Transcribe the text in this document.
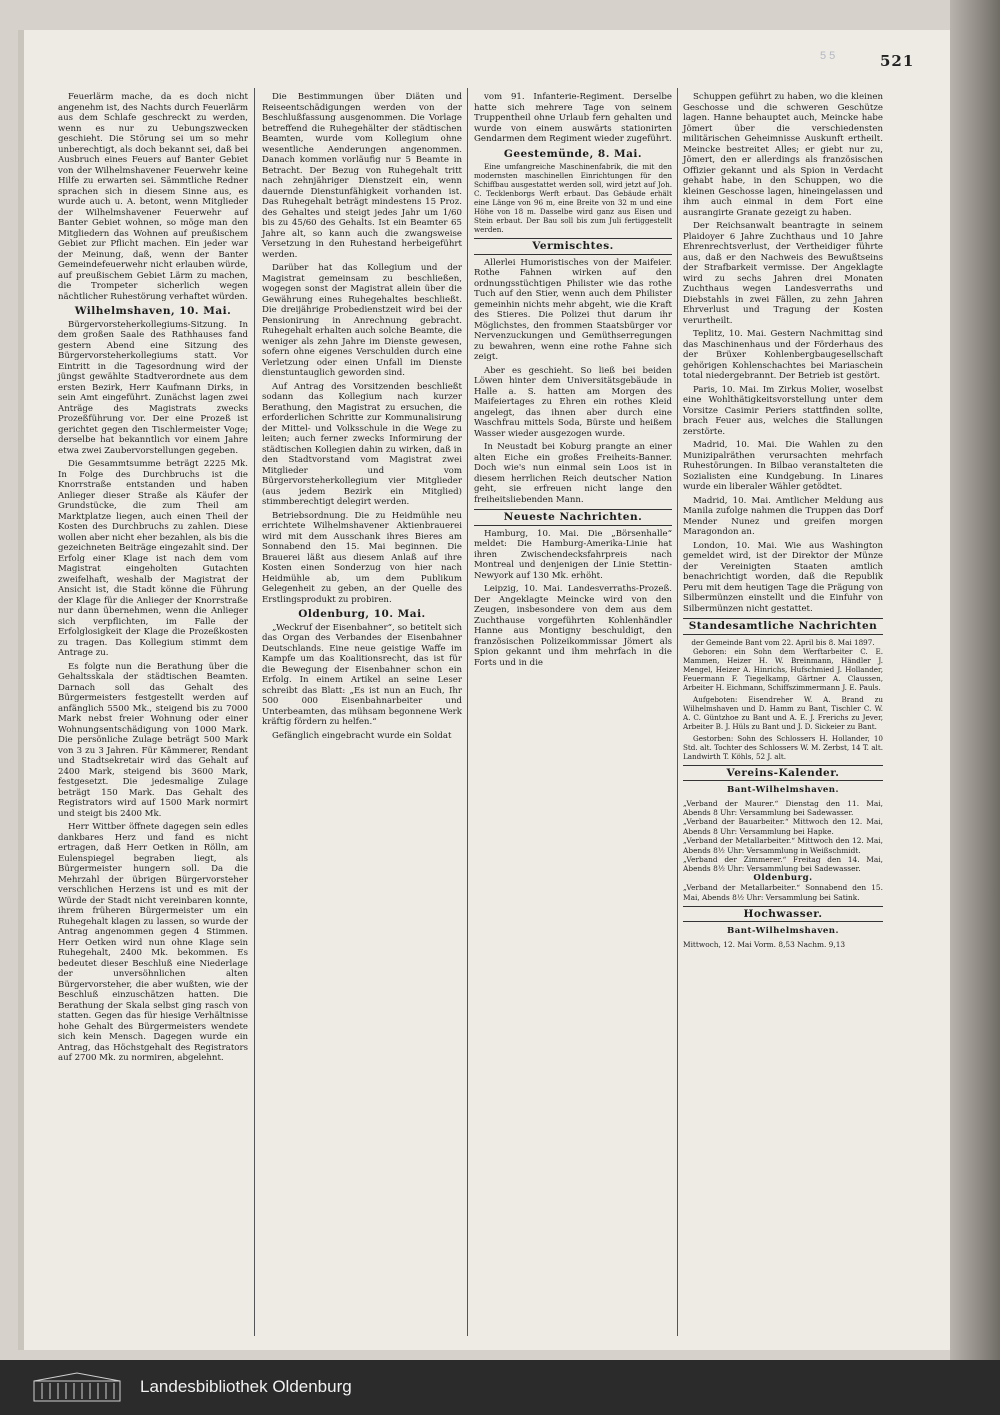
5 5	521

Feuerlärm mache, da es doch nicht angenehm ist, des Nachts durch Feuerlärm aus dem Schlafe geschreckt zu werden, wenn es nur zu Uebungszwecken geschieht. Die Störung sei um so mehr unberechtigt, als doch bekannt sei, daß bei Ausbruch eines Feuers auf Banter Gebiet von der Wilhelmshavener Feuerwehr keine Hilfe zu erwarten sei. Sämmtliche Redner sprachen sich in diesem Sinne aus, es wurde auch u. A. betont, wenn Mitglieder der Wilhelmshavener Feuerwehr auf Banter Gebiet wohnen, so möge man den Mitgliedern das Wohnen auf preußischem Gebiet zur Pflicht machen. Ein jeder war der Meinung, daß, wenn der Banter Gemeindefeuerwehr nicht erlauben würde, auf preußischem Gebiet Lärm zu machen, die Trompeter sicherlich wegen nächtlicher Ruhestörung verhaftet würden.

Wilhelmshaven, 10. Mai.

Bürgervorsteherkollegiums-Sitzung. In dem großen Saale des Rathhauses fand gestern Abend eine Sitzung des Bürgervorsteherkollegiums statt. Vor Eintritt in die Tagesordnung wird der jüngst gewählte Stadtverordnete aus dem ersten Bezirk, Herr Kaufmann Dirks, in sein Amt eingeführt. Zunächst lagen zwei Anträge des Magistrats zwecks Prozeßführung vor. Der eine Prozeß ist gerichtet gegen den Tischlermeister Voge; derselbe hat bekanntlich vor einem Jahre etwa zwei Zaubervorstellungen gegeben.

Die Gesammtsumme beträgt 2225 Mk. In Folge des Durchbruchs ist die Knorrstraße entstanden und haben Anlieger dieser Straße als Käufer der Grundstücke, die zum Theil am Marktplatze liegen, auch einen Theil der Kosten des Durchbruchs zu zahlen. Diese wollen aber nicht eher bezahlen, als bis die gezeichneten Beiträge eingezahlt sind. Der Erfolg einer Klage ist nach dem vom Magistrat eingeholten Gutachten zweifelhaft, weshalb der Magistrat der Ansicht ist, die Stadt könne die Führung der Klage für die Anlieger der Knorrstraße nur dann übernehmen, wenn die Anlieger sich verpflichten, im Falle der Erfolglosigkeit der Klage die Prozeßkosten zu tragen. Das Kollegium stimmt dem Antrage zu.

Es folgte nun die Berathung über die Gehaltsskala der städtischen Beamten. Darnach soll das Gehalt des Bürgermeisters festgestellt werden auf anfänglich 5500 Mk., steigend bis zu 7000 Mark nebst freier Wohnung oder einer Wohnungsentschädigung von 1000 Mark. Die persönliche Zulage beträgt 500 Mark von 3 zu 3 Jahren. Für Kämmerer, Rendant und Stadtsekretair wird das Gehalt auf 2400 Mark, steigend bis 3600 Mark, festgesetzt. Die jedesmalige Zulage beträgt 150 Mark. Das Gehalt des Registrators wird auf 1500 Mark normirt und steigt bis 2400 Mk.

Herr Wittber öffnete dagegen sein edles dankbares Herz und fand es nicht ertragen, daß Herr Oetken in Rölln, am Eulenspiegel begraben liegt, als Bürgermeister hungern soll. Da die Mehrzahl der übrigen Bürgervorsteher verschlichen Herzens ist und es mit der Würde der Stadt nicht vereinbaren konnte, ihrem früheren Bürgermeister um ein Ruhegehalt klagen zu lassen, so wurde der Antrag angenommen gegen 4 Stimmen. Herr Oetken wird nun ohne Klage sein Ruhegehalt, 2400 Mk. bekommen. Es bedeutet dieser Beschluß eine Niederlage der unversöhnlichen alten Bürgervorsteher, die aber wußten, wie der Beschluß einzuschätzen hatten. Die Berathung der Skala selbst ging rasch von statten. Gegen das für hiesige Verhältnisse hohe Gehalt des Bürgermeisters wendete sich kein Mensch. Dagegen wurde ein Antrag, das Höchstgehalt des Registrators auf 2700 Mk. zu normiren, abgelehnt.

Die Bestimmungen über Diäten und Reiseentschädigungen werden von der Beschlußfassung ausgenommen. Die Vorlage betreffend die Ruhegehälter der städtischen Beamten, wurde vom Kollegium ohne wesentliche Aenderungen angenommen. Danach kommen vorläufig nur 5 Beamte in Betracht. Der Bezug von Ruhegehalt tritt nach zehnjähriger Dienstzeit ein, wenn dauernde Dienstunfähigkeit vorhanden ist. Das Ruhegehalt beträgt mindestens 15 Proz. des Gehaltes und steigt jedes Jahr um 1/60 bis zu 45/60 des Gehalts. Ist ein Beamter 65 Jahre alt, so kann auch die zwangsweise Versetzung in den Ruhestand herbeigeführt werden.

Darüber hat das Kollegium und der Magistrat gemeinsam zu beschließen, wogegen sonst der Magistrat allein über die Gewährung eines Ruhegehaltes beschließt. Die dreijährige Probedienstzeit wird bei der Pensionirung in Anrechnung gebracht. Ruhegehalt erhalten auch solche Beamte, die weniger als zehn Jahre im Dienste gewesen, sofern ohne eigenes Verschulden durch eine Verletzung oder einen Unfall im Dienste dienstuntauglich geworden sind.

Auf Antrag des Vorsitzenden beschließt sodann das Kollegium nach kurzer Berathung, den Magistrat zu ersuchen, die erforderlichen Schritte zur Kommunalisirung der Mittel- und Volksschule in die Wege zu leiten; auch ferner zwecks Informirung der städtischen Kollegien dahin zu wirken, daß in den Stadtvorstand vom Magistrat zwei Mitglieder und vom Bürgervorsteherkollegium vier Mitglieder (aus jedem Bezirk ein Mitglied) stimmberechtigt delegirt werden.

Betriebsordnung. Die zu Heidmühle neu errichtete Wilhelmshavener Aktienbrauerei wird mit dem Ausschank ihres Bieres am Sonnabend den 15. Mai beginnen. Die Brauerei läßt aus diesem Anlaß auf ihre Kosten einen Sonderzug von hier nach Heidmühle ab, um dem Publikum Gelegenheit zu geben, an der Quelle des Erstlingsprodukt zu probiren.

Oldenburg, 10. Mai.

„Weckruf der Eisenbahner“, so betitelt sich das Organ des Verbandes der Eisenbahner Deutschlands. Eine neue geistige Waffe im Kampfe um das Koalitionsrecht, das ist für die Bewegung der Eisenbahner schon ein Erfolg. In einem Artikel an seine Leser schreibt das Blatt: „Es ist nun an Euch, Ihr 500 000 Eisenbahnarbeiter und Unterbeamten, das mühsam begonnene Werk kräftig fördern zu helfen.“

Gefänglich eingebracht wurde ein Soldat

vom 91. Infanterie-Regiment. Derselbe hatte sich mehrere Tage von seinem Truppentheil ohne Urlaub fern gehalten und wurde von einem auswärts stationirten Gendarmen dem Regiment wieder zugeführt.

Geestemünde, 8. Mai.

Eine umfangreiche Maschinenfabrik, die mit den modernsten maschinellen Einrichtungen für den Schiffbau ausgestattet werden soll, wird jetzt auf Joh. C. Tecklenborgs Werft erbaut. Das Gebäude erhält eine Länge von 96 m, eine Breite von 32 m und eine Höhe von 18 m. Dasselbe wird ganz aus Eisen und Stein erbaut. Der Bau soll bis zum Juli fertiggestellt werden.

Vermischtes.

Allerlei Humoristisches von der Maifeier. Rothe Fahnen wirken auf den ordnungsstüchtigen Philister wie das rothe Tuch auf den Stier, wenn auch dem Philister gemeinhin nichts mehr abgeht, wie die Kraft des Stieres. Die Polizei thut darum ihr Möglichstes, den frommen Staatsbürger vor Nervenzuckungen und Gemüthserregungen zu bewahren, wenn eine rothe Fahne sich zeigt.

Aber es geschieht. So ließ bei beiden Löwen hinter dem Universitätsgebäude in Halle a. S. hatten am Morgen des Maifeiertages zu Ehren ein rothes Kleid angelegt, das ihnen aber durch eine Waschfrau mittels Soda, Bürste und heißem Wasser wieder ausgezogen wurde.

In Neustadt bei Koburg prangte an einer alten Eiche ein großes Freiheits-Banner. Doch wie's nun einmal sein Loos ist in diesem herrlichen Reich deutscher Nation geht, sie erfreuen nicht lange den freiheitsliebenden Mann.

Neueste Nachrichten.

Hamburg, 10. Mai. Die „Börsenhalle“ meldet: Die Hamburg-Amerika-Linie hat ihren Zwischendecksfahrpreis nach Montreal und denjenigen der Linie Stettin-Newyork auf 130 Mk. erhöht.

Leipzig, 10. Mai. Landesverraths-Prozeß. Der Angeklagte Meincke wird von den Zeugen, insbesondere von dem aus dem Zuchthause vorgeführten Kohlenhändler Hanne aus Montigny beschuldigt, den französischen Polizeikommissar Jömert als Spion gekannt und ihm mehrfach in die Forts und in die

Schuppen geführt zu haben, wo die kleinen Geschosse und die schweren Geschütze lagen. Hanne behauptet auch, Meincke habe Jömert über die verschiedensten militärischen Geheimnisse Auskunft ertheilt. Meincke bestreitet Alles; er giebt nur zu, Jömert, den er allerdings als französischen Offizier gekannt und als Spion in Verdacht gehabt habe, in den Schuppen, wo die kleinen Geschosse lagen, hineingelassen und ihm auch einmal in dem Fort eine ausrangirte Granate gezeigt zu haben.

Der Reichsanwalt beantragte in seinem Plaidoyer 6 Jahre Zuchthaus und 10 Jahre Ehrenrechtsverlust, der Vertheidiger führte aus, daß er den Nachweis des Bewußtseins der Strafbarkeit vermisse. Der Angeklagte wird zu sechs Jahren drei Monaten Zuchthaus wegen Landesverraths und Diebstahls in zwei Fällen, zu zehn Jahren Ehrverlust und Tragung der Kosten verurtheilt.

Teplitz, 10. Mai. Gestern Nachmittag sind das Maschinenhaus und der Förderhaus des der Brüxer Kohlenbergbaugesellschaft gehörigen Kohlenschachtes bei Mariaschein total niedergebrannt. Der Betrieb ist gestört.

Paris, 10. Mai. Im Zirkus Molier, woselbst eine Wohlthätigkeitsvorstellung unter dem Vorsitze Casimir Periers stattfinden sollte, brach Feuer aus, welches die Stallungen zerstörte.

Madrid, 10. Mai. Die Wahlen zu den Munizipalräthen verursachten mehrfach Ruhestörungen. In Bilbao veranstalteten die Sozialisten eine Kundgebung. In Linares wurde ein liberaler Wähler getödtet.

Madrid, 10. Mai. Amtlicher Meldung aus Manila zufolge nahmen die Truppen das Dorf Mender Nunez und greifen morgen Maragondon an.

London, 10. Mai. Wie aus Washington gemeldet wird, ist der Direktor der Münze der Vereinigten Staaten amtlich benachrichtigt worden, daß die Republik Peru mit dem heutigen Tage die Prägung von Silbermünzen einstellt und die Einfuhr von Silbermünzen nicht gestattet.

Standesamtliche Nachrichten
der Gemeinde Bant vom 22. April bis 8. Mai 1897.

Geboren: ein Sohn dem Werftarbeiter C. E. Mammen, Heizer H. W. Breinmann, Händler J. Mengel, Heizer A. Hinrichs, Hufschmied J. Hollander, Feuermann F. Tiegelkamp, Gärtner A. Claussen, Arbeiter H. Eichmann, Schiffszimmermann J. E. Pauls.

Aufgeboten: Eisendreher W. A. Brand zu Wilhelmshaven und D. Hamm zu Bant, Tischler C. W. A. C. Güntzhoe zu Bant und A. E. J. Frerichs zu Jever, Arbeiter B. J. Hüls zu Bant und J. D. Sickeier zu Bant.

Gestorben: Sohn des Schlossers H. Hollander, 10 Std. alt. Tochter des Schlossers W. M. Zerbst, 14 T. alt. Landwirth T. Köhls, 52 J. alt.

Vereins-Kalender.
Bant-Wilhelmshaven.
„Verband der Maurer.“ Dienstag den 11. Mai, Abends 8 Uhr: Versammlung bei Sadewasser.
„Verband der Bauarbeiter.“ Mittwoch den 12. Mai, Abends 8 Uhr: Versammlung bei Hapke.
„Verband der Metallarbeiter.“ Mittwoch den 12. Mai, Abends 8½ Uhr: Versammlung in Weißschmidt.
„Verband der Zimmerer.“ Freitag den 14. Mai, Abends 8½ Uhr: Versammlung bei Sadewasser.
Oldenburg.
„Verband der Metallarbeiter.“ Sonnabend den 15. Mai, Abends 8½ Uhr: Versammlung bei Satink.
Hochwasser.
Bant-Wilhelmshaven.
Mittwoch, 12. Mai Vorm. 8,53 Nachm. 9,13
Landesbibliothek Oldenburg
